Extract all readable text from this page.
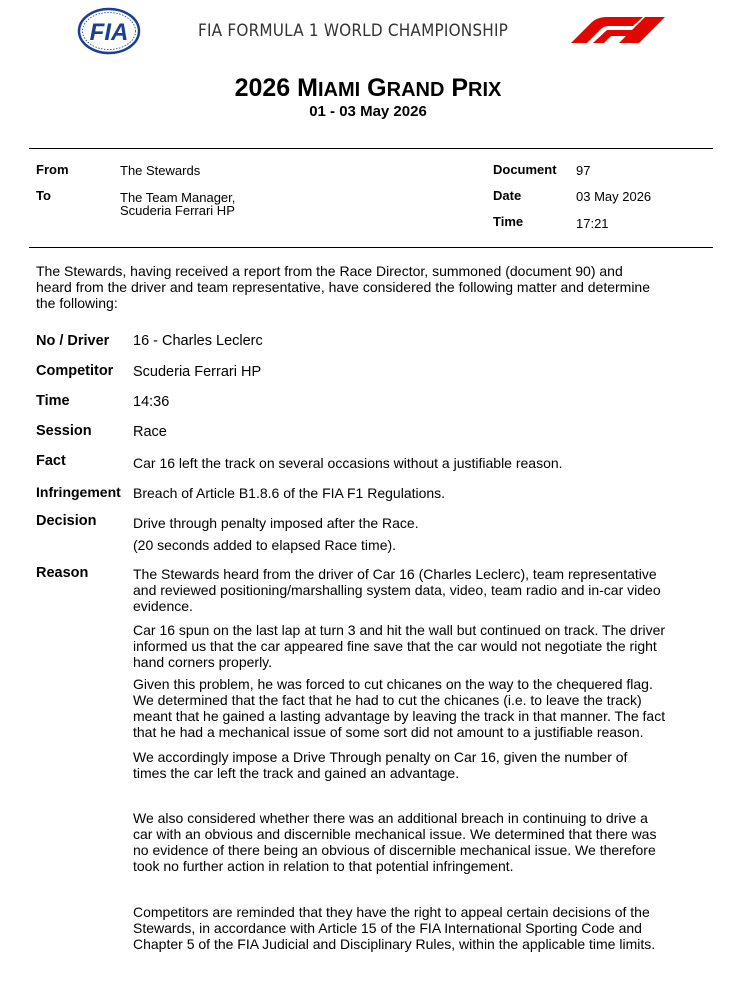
FIA	FIA FORMULA 1 WORLD CHAMPIONSHIP
2026 MIAMI GRAND PRIX
01 - 03 May 2026
From	The Stewards
To	The Team Manager,
Scuderia Ferrari HP
Document 97
Date	03 May 2026
Time	17:21
The Stewards, having received a report from the Race Director, summoned (document 90) and
heard from the driver and team representative, have considered the following matter and determine
the following:
No / Driver 16 - Charles Leclerc
Competitor Scuderia Ferrari HP
Time	14:36
Session	Race
Fact	Car 16 left the track on several occasions without a justifiable reason.
Infringement Breach of Article B1.8.6 of the FIA F1 Regulations.
Decision	Drive through penalty imposed after the Race.
(20 seconds added to elapsed Race time).
Reason	The Stewards heard from the driver of Car 16 (Charles Leclerc), team representative
and reviewed positioning/marshalling system data, video, team radio and in-car video
evidence.
Car 16 spun on the last lap at turn 3 and hit the wall but continued on track. The driver
informed us that the car appeared fine save that the car would not negotiate the right
hand corners properly.
Given this problem, he was forced to cut chicanes on the way to the chequered flag.
We determined that the fact that he had to cut the chicanes (i.e. to leave the track)
meant that he gained a lasting advantage by leaving the track in that manner. The fact
that he had a mechanical issue of some sort did not amount to a justifiable reason.
We accordingly impose a Drive Through penalty on Car 16, given the number of
times the car left the track and gained an advantage.
We also considered whether there was an additional breach in continuing to drive a
car with an obvious and discernible mechanical issue. We determined that there was
no evidence of there being an obvious of discernible mechanical issue. We therefore
took no further action in relation to that potential infringement.
Competitors are reminded that they have the right to appeal certain decisions of the
Stewards, in accordance with Article 15 of the FIA International Sporting Code and
Chapter 5 of the FIA Judicial and Disciplinary Rules, within the applicable time limits.
